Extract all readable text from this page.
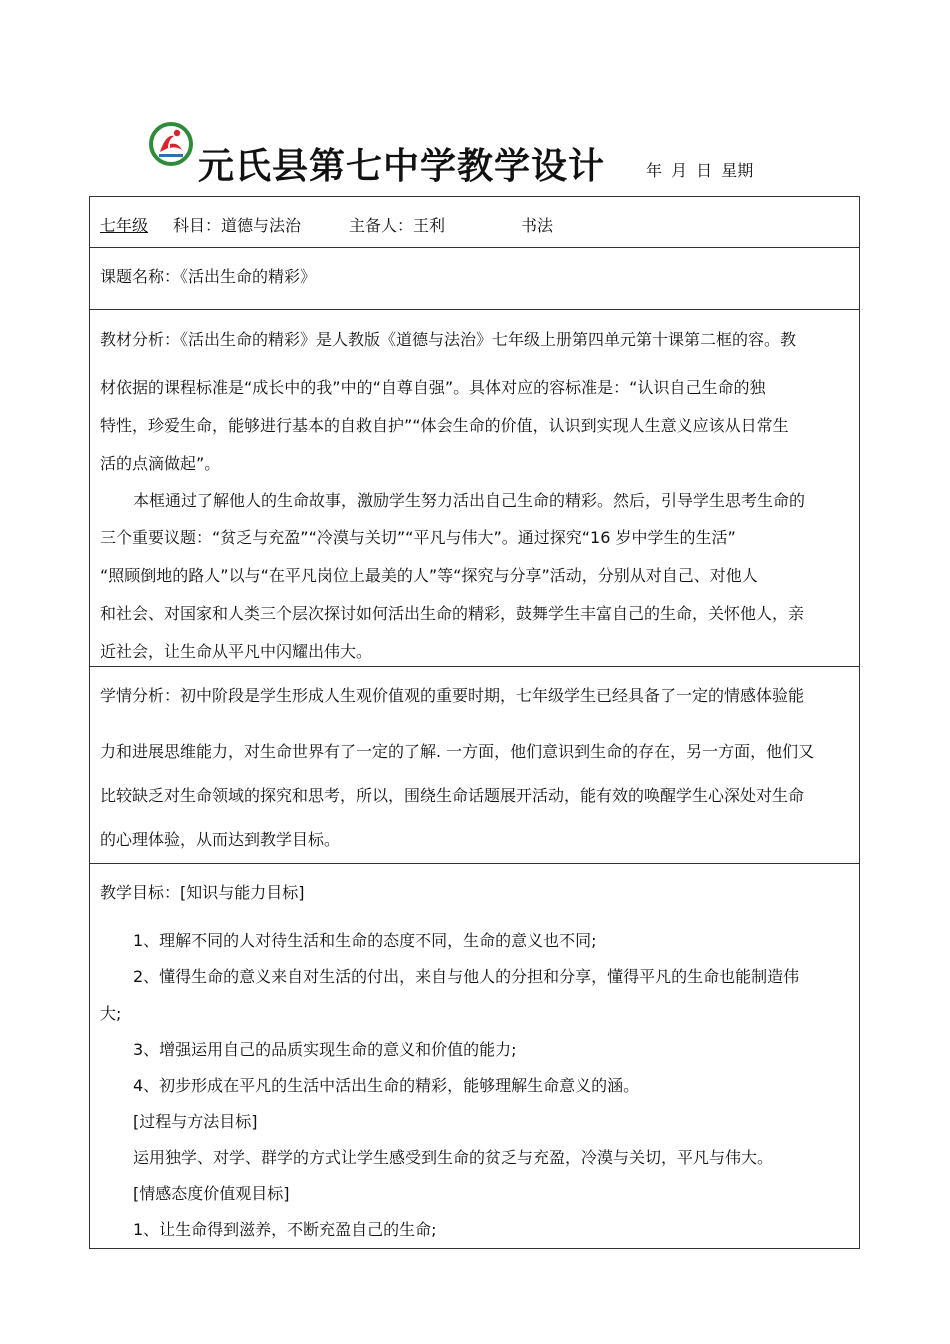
元氏县第七中学教学设计	年 月 日 星期
七年级 科目：道德与法治	主备人：王利	书法
课题名称：《活出生命的精彩》
教材分析：《活出生命的精彩》是人教版《道德与法治》七年级上册第四单元第十课第二框的容。教
材依据的课程标准是“成长中的我”中的“自尊自强”。具体对应的容标准是：“认识自己生命的独
特性，珍爱生命，能够进行基本的自救自护”“体会生命的价值，认识到实现人生意义应该从日常生
活的点滴做起”。
本框通过了解他人的生命故事，激励学生努力活出自己生命的精彩。然后，引导学生思考生命的
三个重要议题：“贫乏与充盈”“冷漠与关切”“平凡与伟大”。通过探究“16 岁中学生的生活”
“照顾倒地的路人”以与“在平凡岗位上最美的人”等“探究与分享”活动，分别从对自己、对他人
和社会、对国家和人类三个层次探讨如何活出生命的精彩，鼓舞学生丰富自己的生命，关怀他人，亲
近社会，让生命从平凡中闪耀出伟大。
学情分析：初中阶段是学生形成人生观价值观的重要时期，七年级学生已经具备了一定的情感体验能
力和进展思维能力，对生命世界有了一定的了解. 一方面，他们意识到生命的存在，另一方面，他们又
比较缺乏对生命领域的探究和思考，所以，围绕生命话题展开活动，能有效的唤醒学生心深处对生命
的心理体验，从而达到教学目标。
教学目标：[知识与能力目标]
1、理解不同的人对待生活和生命的态度不同，生命的意义也不同;
2、懂得生命的意义来自对生活的付出，来自与他人的分担和分享，懂得平凡的生命也能制造伟
大;
3、增强运用自己的品质实现生命的意义和价值的能力;
4、初步形成在平凡的生活中活出生命的精彩，能够理解生命意义的涵。
[过程与方法目标]
运用独学、对学、群学的方式让学生感受到生命的贫乏与充盈，冷漠与关切，平凡与伟大。
[情感态度价值观目标]
1、让生命得到滋养，不断充盈自己的生命;
